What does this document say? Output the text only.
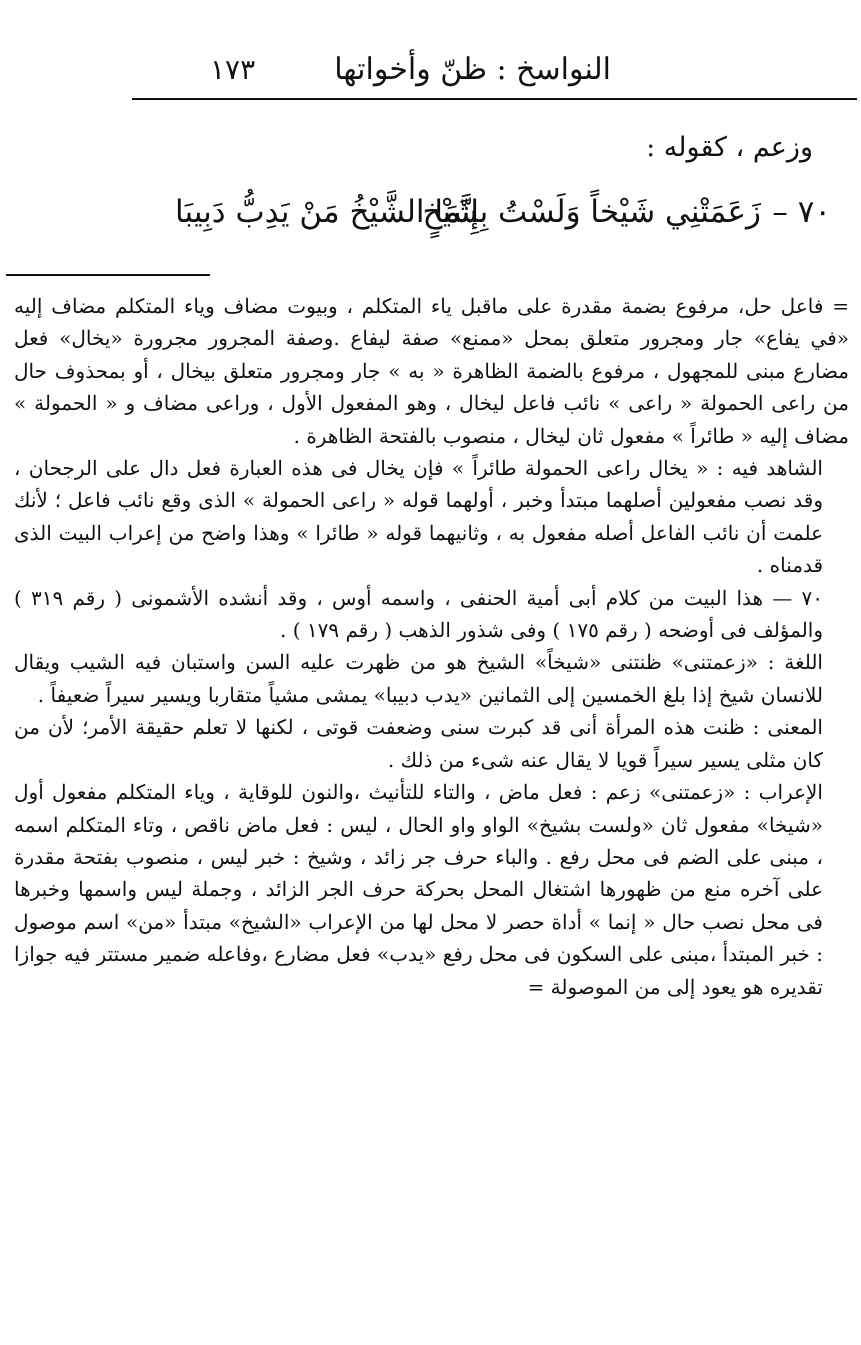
النواسخ : ظنّ وأخواتها
١٧٣
وزعم ، كقوله :
٧٠ –
زَعَمَتْنِي شَيْخاً وَلَسْتُ بِشَيْخٍ
إِنَّمَا الشَّيْخُ مَنْ يَدِبُّ دَبِيبَا

= فاعل حل، مرفوع بضمة مقدرة على ماقبل ياء المتكلم ، وبيوت مضاف وياء المتكلم مضاف إليه «في يفاع» جار ومجرور متعلق بمحل «ممنع» صفة ليفاع .وصفة المجرور مجرورة «يخال» فعل مضارع مبنى للمجهول ، مرفوع بالضمة الظاهرة « به » جار ومجرور متعلق بيخال ، أو بمحذوف حال من راعى الحمولة « راعى » نائب فاعل ليخال ، وهو المفعول الأول ، وراعى مضاف و « الحمولة » مضاف إليه « طائراً » مفعول ثان ليخال ، منصوب بالفتحة الظاهرة .

الشاهد فيه : « يخال راعى الحمولة طائراً » فإن يخال فى هذه العبارة فعل دال على الرجحان ، وقد نصب مفعولين أصلهما مبتدأ وخبر ، أولهما قوله « راعى الحمولة » الذى وقع نائب فاعل ؛ لأنك علمت أن نائب الفاعل أصله مفعول به ، وثانيهما قوله « طائرا » وهذا واضح من إعراب البيت الذى قدمناه .

٧٠ — هذا البيت من كلام أبى أمية الحنفى ، واسمه أوس ، وقد أنشده الأشمونى ( رقم ٣١٩ ) والمؤلف فى أوضحه ( رقم ١٧٥ ) وفى شذور الذهب ( رقم ١٧٩ ) .

اللغة : «زعمتنى» ظنتنى «شيخاً» الشيخ هو من ظهرت عليه السن واستبان فيه الشيب ويقال للانسان شيخ إذا بلغ الخمسين إلى الثمانين «يدب دبيبا» يمشى مشياً متقاربا ويسير سيراً ضعيفاً .

المعنى : ظنت هذه المرأة أنى قد كبرت سنى وضعفت قوتى ، لكنها لا تعلم حقيقة الأمر؛ لأن من كان مثلى يسير سيراً قويا لا يقال عنه شىء من ذلك .

الإعراب : «زعمتنى» زعم : فعل ماض ، والتاء للتأنيث ،والنون للوقاية ، وياء المتكلم مفعول أول «شيخا» مفعول ثان «ولست بشيخ» الواو واو الحال ، ليس : فعل ماض ناقص ، وتاء المتكلم اسمه ، مبنى على الضم فى محل رفع . والباء حرف جر زائد ، وشيخ : خبر ليس ، منصوب بفتحة مقدرة على آخره منع من ظهورها اشتغال المحل بحركة حرف الجر الزائد ، وجملة ليس واسمها وخبرها فى محل نصب حال « إنما » أداة حصر لا محل لها من الإعراب «الشيخ» مبتدأ «من» اسم موصول : خبر المبتدأ ،مبنى على السكون فى محل رفع «يدب» فعل مضارع ،وفاعله ضمير مستتر فيه جوازا تقديره هو يعود إلى من الموصولة =
